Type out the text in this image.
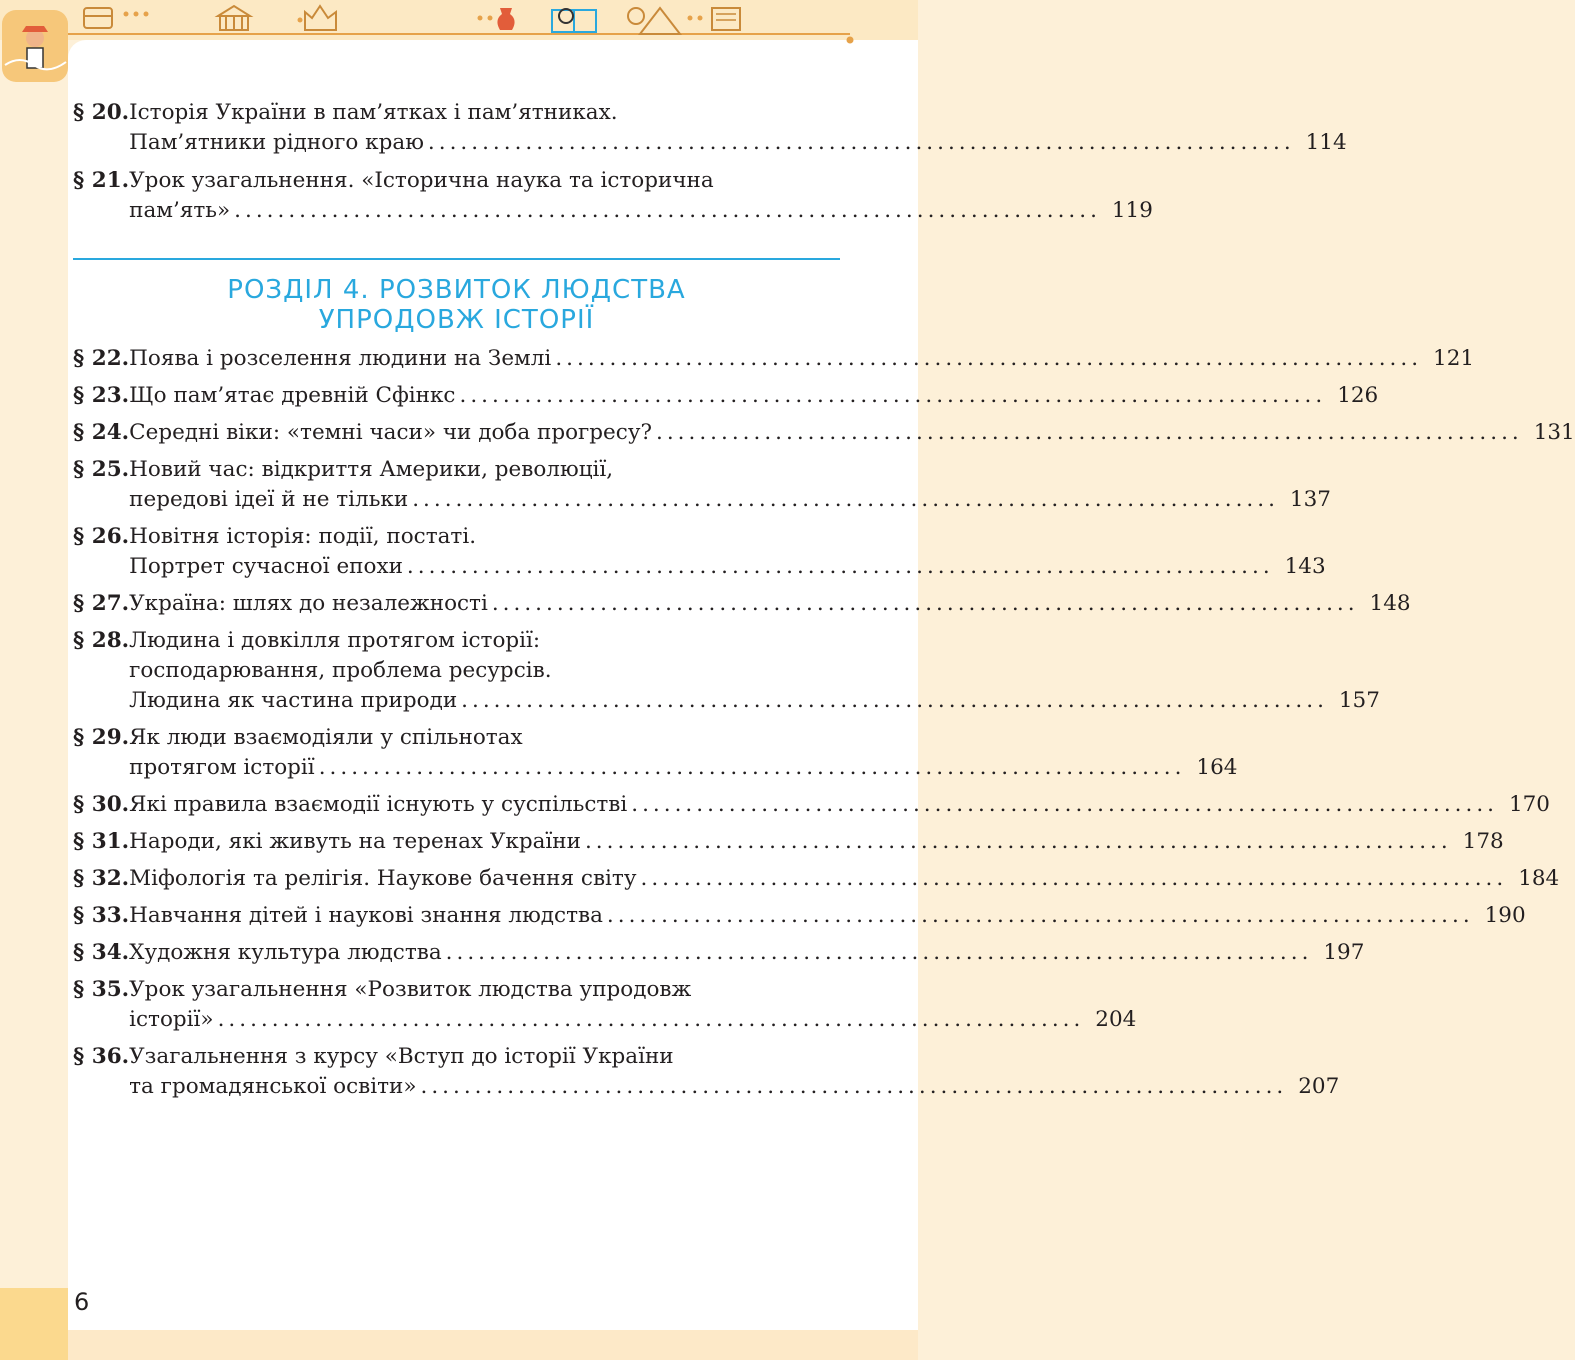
§ 20. Історія України в пам’ятках і пам’ятниках.
Пам’ятники рідного краю ................................................................................ 114
§ 21. Урок узагальнення. «Історична наука та історична
пам’ять» ................................................................................ 119
РОЗДІЛ 4. РОЗВИТОК ЛЮДСТВА
УПРОДОВЖ ІСТОРІЇ
§ 22. Поява і розселення людини на Землі ................................................................................ 121
§ 23. Що пам’ятає древній Сфінкс ................................................................................ 126
§ 24. Середні віки: «темні часи» чи доба прогресу? ................................................................................ 131
§ 25. Новий час: відкриття Америки, революції,
передові ідеї й не тільки ................................................................................ 137
§ 26. Новітня історія: події, постаті.
Портрет сучасної епохи ................................................................................ 143
§ 27. Україна: шлях до незалежності ................................................................................ 148
§ 28. Людина і довкілля протягом історії:
господарювання, проблема ресурсів.
Людина як частина природи ................................................................................ 157
§ 29. Як люди взаємодіяли у спільнотах
протягом історії ................................................................................ 164
§ 30. Які правила взаємодії існують у суспільстві ................................................................................ 170
§ 31. Народи, які живуть на теренах України ................................................................................ 178
§ 32. Міфологія та релігія. Наукове бачення світу ................................................................................ 184
§ 33. Навчання дітей і наукові знання людства ................................................................................ 190
§ 34. Художня культура людства ................................................................................ 197
§ 35. Урок узагальнення «Розвиток людства упродовж
історії» ................................................................................ 204
§ 36. Узагальнення з курсу «Вступ до історії України
та громадянської освіти» ................................................................................ 207
6
